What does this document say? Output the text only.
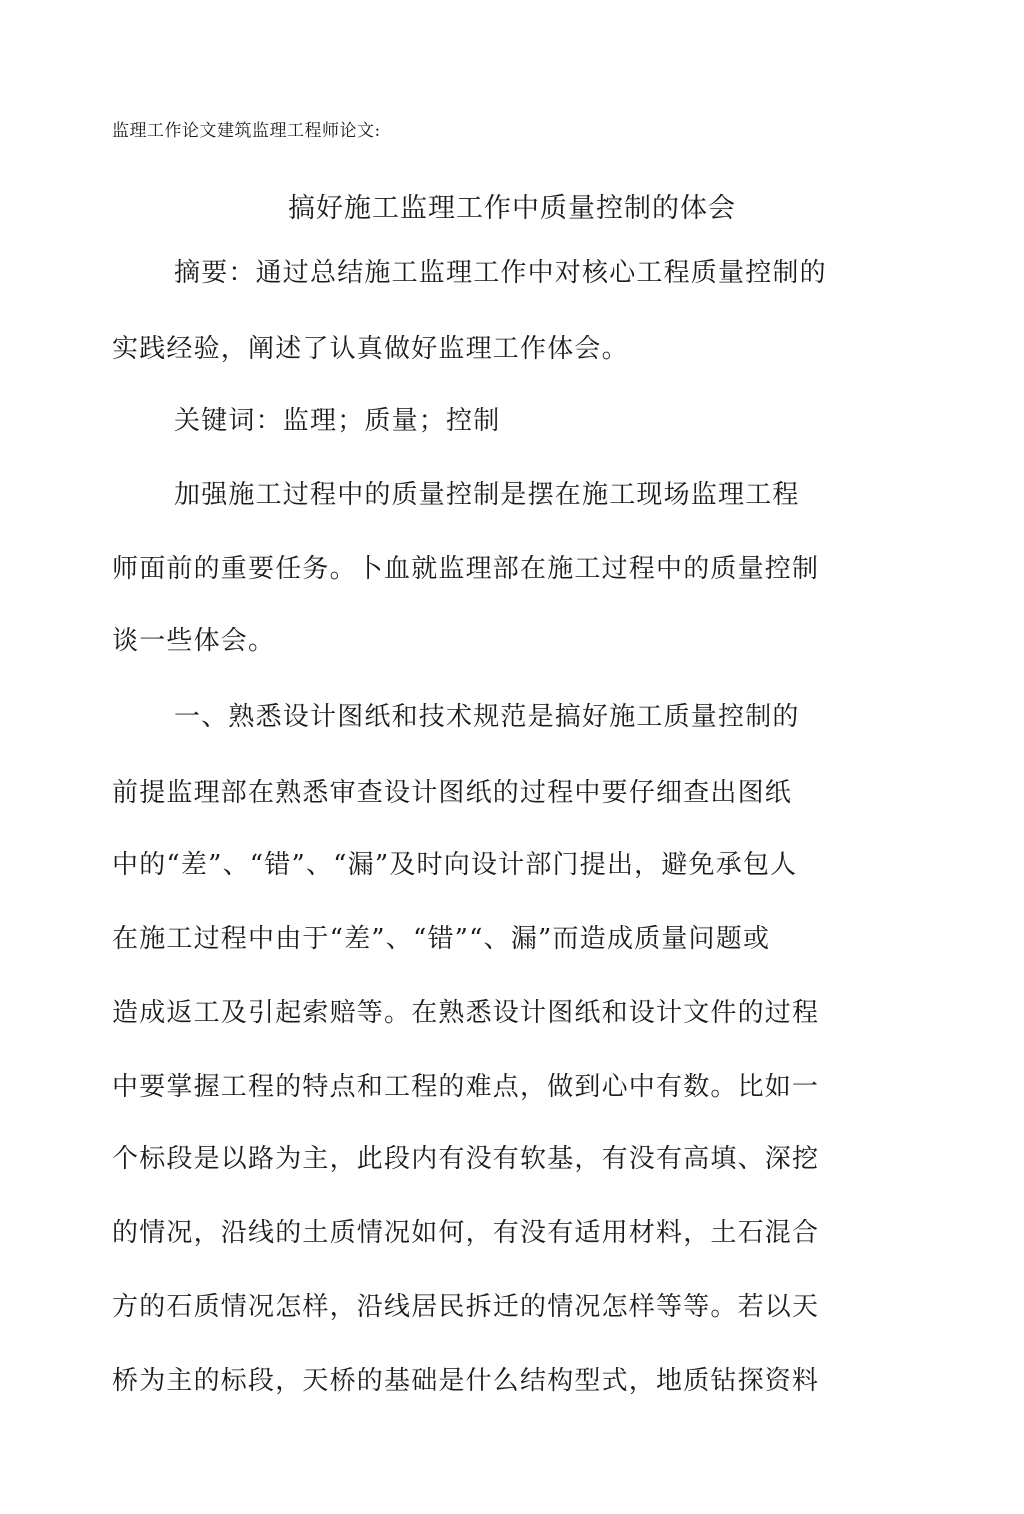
监理工作论文建筑监理工程师论文:
搞好施工监理工作中质量控制的体会
摘要：通过总结施工监理工作中对核心工程质量控制的
实践经验，阐述了认真做好监理工作体会。
关键词：监理；质量；控制
加强施工过程中的质量控制是摆在施工现场监理工程
师面前的重要任务。卜血就监理部在施工过程中的质量控制
谈一些体会。
一、熟悉设计图纸和技术规范是搞好施工质量控制的
前提监理部在熟悉审查设计图纸的过程中要仔细查出图纸
中的“差”、“错”、“漏”及时向设计部门提出，避免承包人
在施工过程中由于“差”、“错”“、漏”而造成质量问题或
造成返工及引起索赔等。在熟悉设计图纸和设计文件的过程
中要掌握工程的特点和工程的难点，做到心中有数。比如一
个标段是以路为主，此段内有没有软基，有没有高填、深挖
的情况，沿线的土质情况如何，有没有适用材料，土石混合
方的石质情况怎样，沿线居民拆迁的情况怎样等等。若以天
桥为主的标段，天桥的基础是什么结构型式，地质钻探资料
